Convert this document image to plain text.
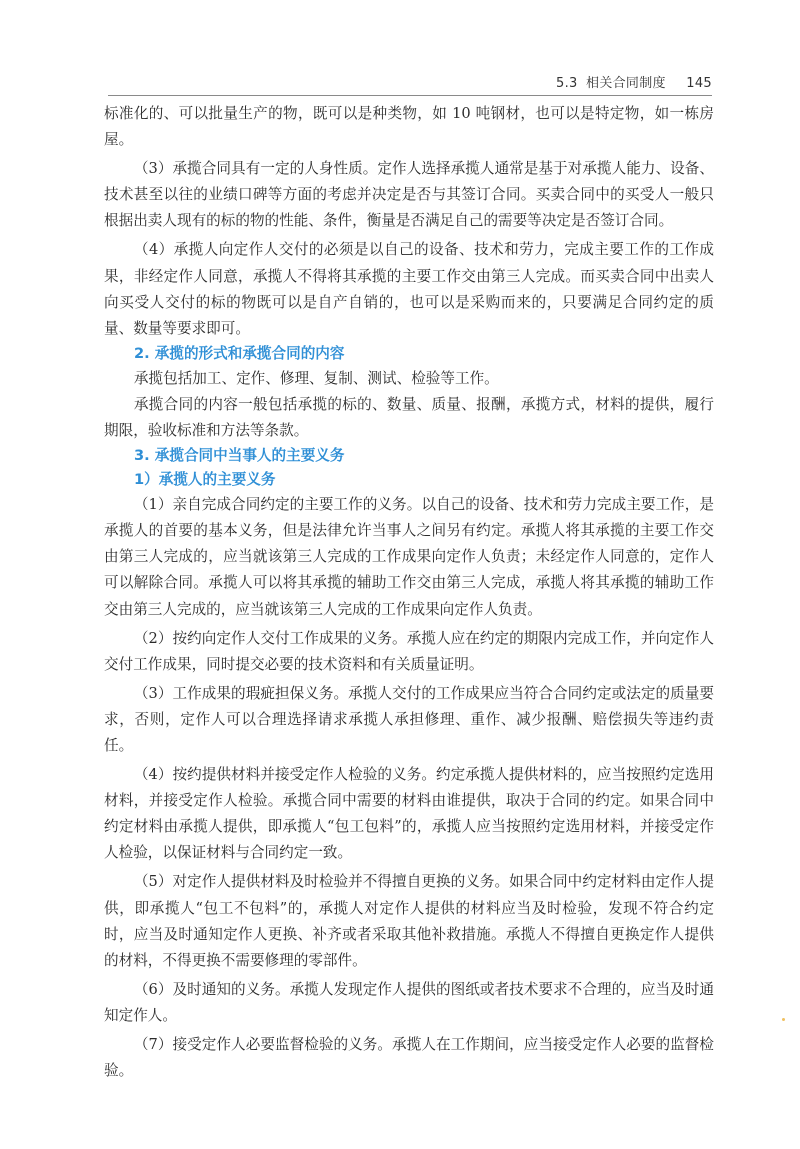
5.3 相关合同制度 145

标准化的、可以批量生产的物，既可以是种类物，如 10 吨钢材，也可以是特定物，如一栋房屋。

（3）承揽合同具有一定的人身性质。定作人选择承揽人通常是基于对承揽人能力、设备、技术甚至以往的业绩口碑等方面的考虑并决定是否与其签订合同。买卖合同中的买受人一般只根据出卖人现有的标的物的性能、条件，衡量是否满足自己的需要等决定是否签订合同。

（4）承揽人向定作人交付的必须是以自己的设备、技术和劳力，完成主要工作的工作成果，非经定作人同意，承揽人不得将其承揽的主要工作交由第三人完成。而买卖合同中出卖人向买受人交付的标的物既可以是自产自销的，也可以是采购而来的，只要满足合同约定的质量、数量等要求即可。

2. 承揽的形式和承揽合同的内容

承揽包括加工、定作、修理、复制、测试、检验等工作。

承揽合同的内容一般包括承揽的标的、数量、质量、报酬，承揽方式，材料的提供，履行期限，验收标准和方法等条款。

3. 承揽合同中当事人的主要义务
1）承揽人的主要义务

（1）亲自完成合同约定的主要工作的义务。以自己的设备、技术和劳力完成主要工作，是承揽人的首要的基本义务，但是法律允许当事人之间另有约定。承揽人将其承揽的主要工作交由第三人完成的，应当就该第三人完成的工作成果向定作人负责；未经定作人同意的，定作人可以解除合同。承揽人可以将其承揽的辅助工作交由第三人完成，承揽人将其承揽的辅助工作交由第三人完成的，应当就该第三人完成的工作成果向定作人负责。

（2）按约向定作人交付工作成果的义务。承揽人应在约定的期限内完成工作，并向定作人交付工作成果，同时提交必要的技术资料和有关质量证明。

（3）工作成果的瑕疵担保义务。承揽人交付的工作成果应当符合合同约定或法定的质量要求，否则，定作人可以合理选择请求承揽人承担修理、重作、减少报酬、赔偿损失等违约责任。

（4）按约提供材料并接受定作人检验的义务。约定承揽人提供材料的，应当按照约定选用材料，并接受定作人检验。承揽合同中需要的材料由谁提供，取决于合同的约定。如果合同中约定材料由承揽人提供，即承揽人“包工包料”的，承揽人应当按照约定选用材料，并接受定作人检验，以保证材料与合同约定一致。

（5）对定作人提供材料及时检验并不得擅自更换的义务。如果合同中约定材料由定作人提供，即承揽人“包工不包料”的，承揽人对定作人提供的材料应当及时检验，发现不符合约定时，应当及时通知定作人更换、补齐或者采取其他补救措施。承揽人不得擅自更换定作人提供的材料，不得更换不需要修理的零部件。

（6）及时通知的义务。承揽人发现定作人提供的图纸或者技术要求不合理的，应当及时通知定作人。

（7）接受定作人必要监督检验的义务。承揽人在工作期间，应当接受定作人必要的监督检验。
